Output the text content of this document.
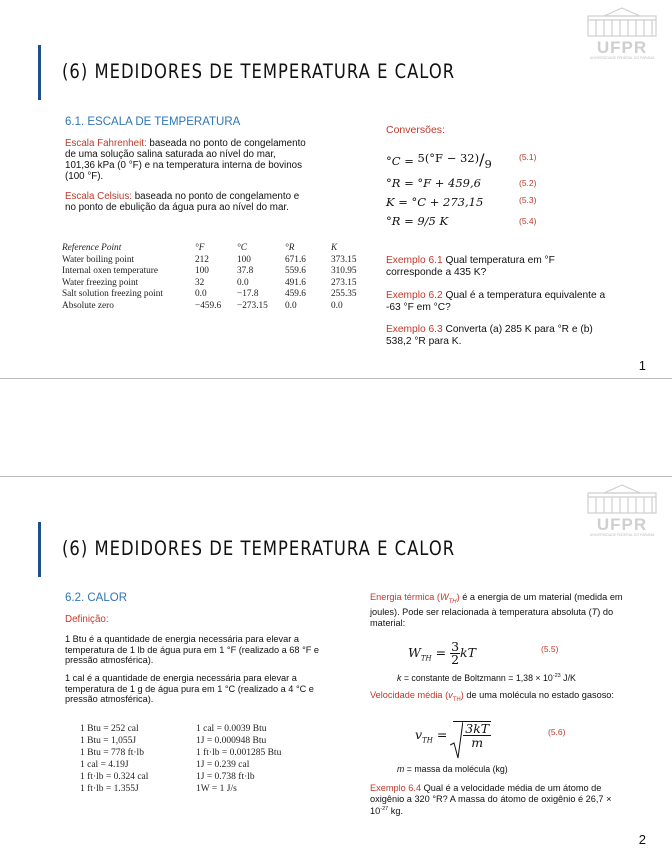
(6) MEDIDORES DE TEMPERATURA E CALOR
UFPR
UNIVERSIDADE FEDERAL DO PARANÁ
6.1. ESCALA DE TEMPERATURA
Escala Fahrenheit: baseada no ponto de congelamento
de uma solução salina saturada ao nível do mar,
101,36 kPa (0 °F) e na temperatura interna de bovinos
(100 °F).
Escala Celsius: baseada no ponto de congelamento e
no ponto de ebulição da água pura ao nível do mar.
Reference Point	°F	°C	°R	K
Water boiling point	212	100	671.6	373.15
Internal oxen temperature	100	37.8	559.6	310.95
Water freezing point	32	0.0	491.6	273.15
Salt solution freezing point	0.0	−17.8	459.6	255.35
Absolute zero	−459.6	−273.15	0.0	0.0
Conversões:
°C = 5(°F − 32)/9	(5.1)
°R = °F + 459,6	(5.2)
K = °C + 273,15	(5.3)
°R = 9/5 K	(5.4)
Exemplo 6.1 Qual temperatura em °F
corresponde a 435 K?
Exemplo 6.2 Qual é a temperatura equivalente a
-63 °F em °C?
Exemplo 6.3 Converta (a) 285 K para °R e (b)
538,2 °R para K.
1
(6) MEDIDORES DE TEMPERATURA E CALOR
UFPR
UNIVERSIDADE FEDERAL DO PARANÁ
6.2. CALOR
Definição:
1 Btu é a quantidade de energia necessária para elevar a
temperatura de 1 lb de água pura em 1 °F (realizado a 68 °F e
pressão atmosférica).
1 cal é a quantidade de energia necessária para elevar a
temperatura de 1 g de água pura em 1 °C (realizado a 4 °C e
pressão atmosférica).
1 Btu = 252 cal	1 cal = 0.0039 Btu
1 Btu = 1,055J	1J = 0.000948 Btu
1 Btu = 778 ft·lb	1 ft·lb = 0.001285 Btu
1 cal = 4.19J	1J = 0.239 cal
1 ft·lb = 0.324 cal	1J = 0.738 ft·lb
1 ft·lb = 1.355J	1W = 1 J/s
Energia térmica $(W_{TH})$ é a energia de um material (medida em
joules). Pode ser relacionada à temperatura absoluta (T) do
material:
$W_{TH} = \frac{3}{2}$ kT	(5.5)
k = constante de Boltzmann = $1,38 \times 10^{-23}$ J/K
Velocidade média $(v_{TH})$ de uma molécula no estado gasoso:
$v_{TH} = \frac{3kT}{m}$	(5.6)
m = massa da molécula (kg)
Exemplo 6.4 Qual é a velocidade média de um átomo de
oxigênio a 320 °R? A massa do átomo de oxigênio é 26,7 ×
$10^{-27}$ kg.
2
